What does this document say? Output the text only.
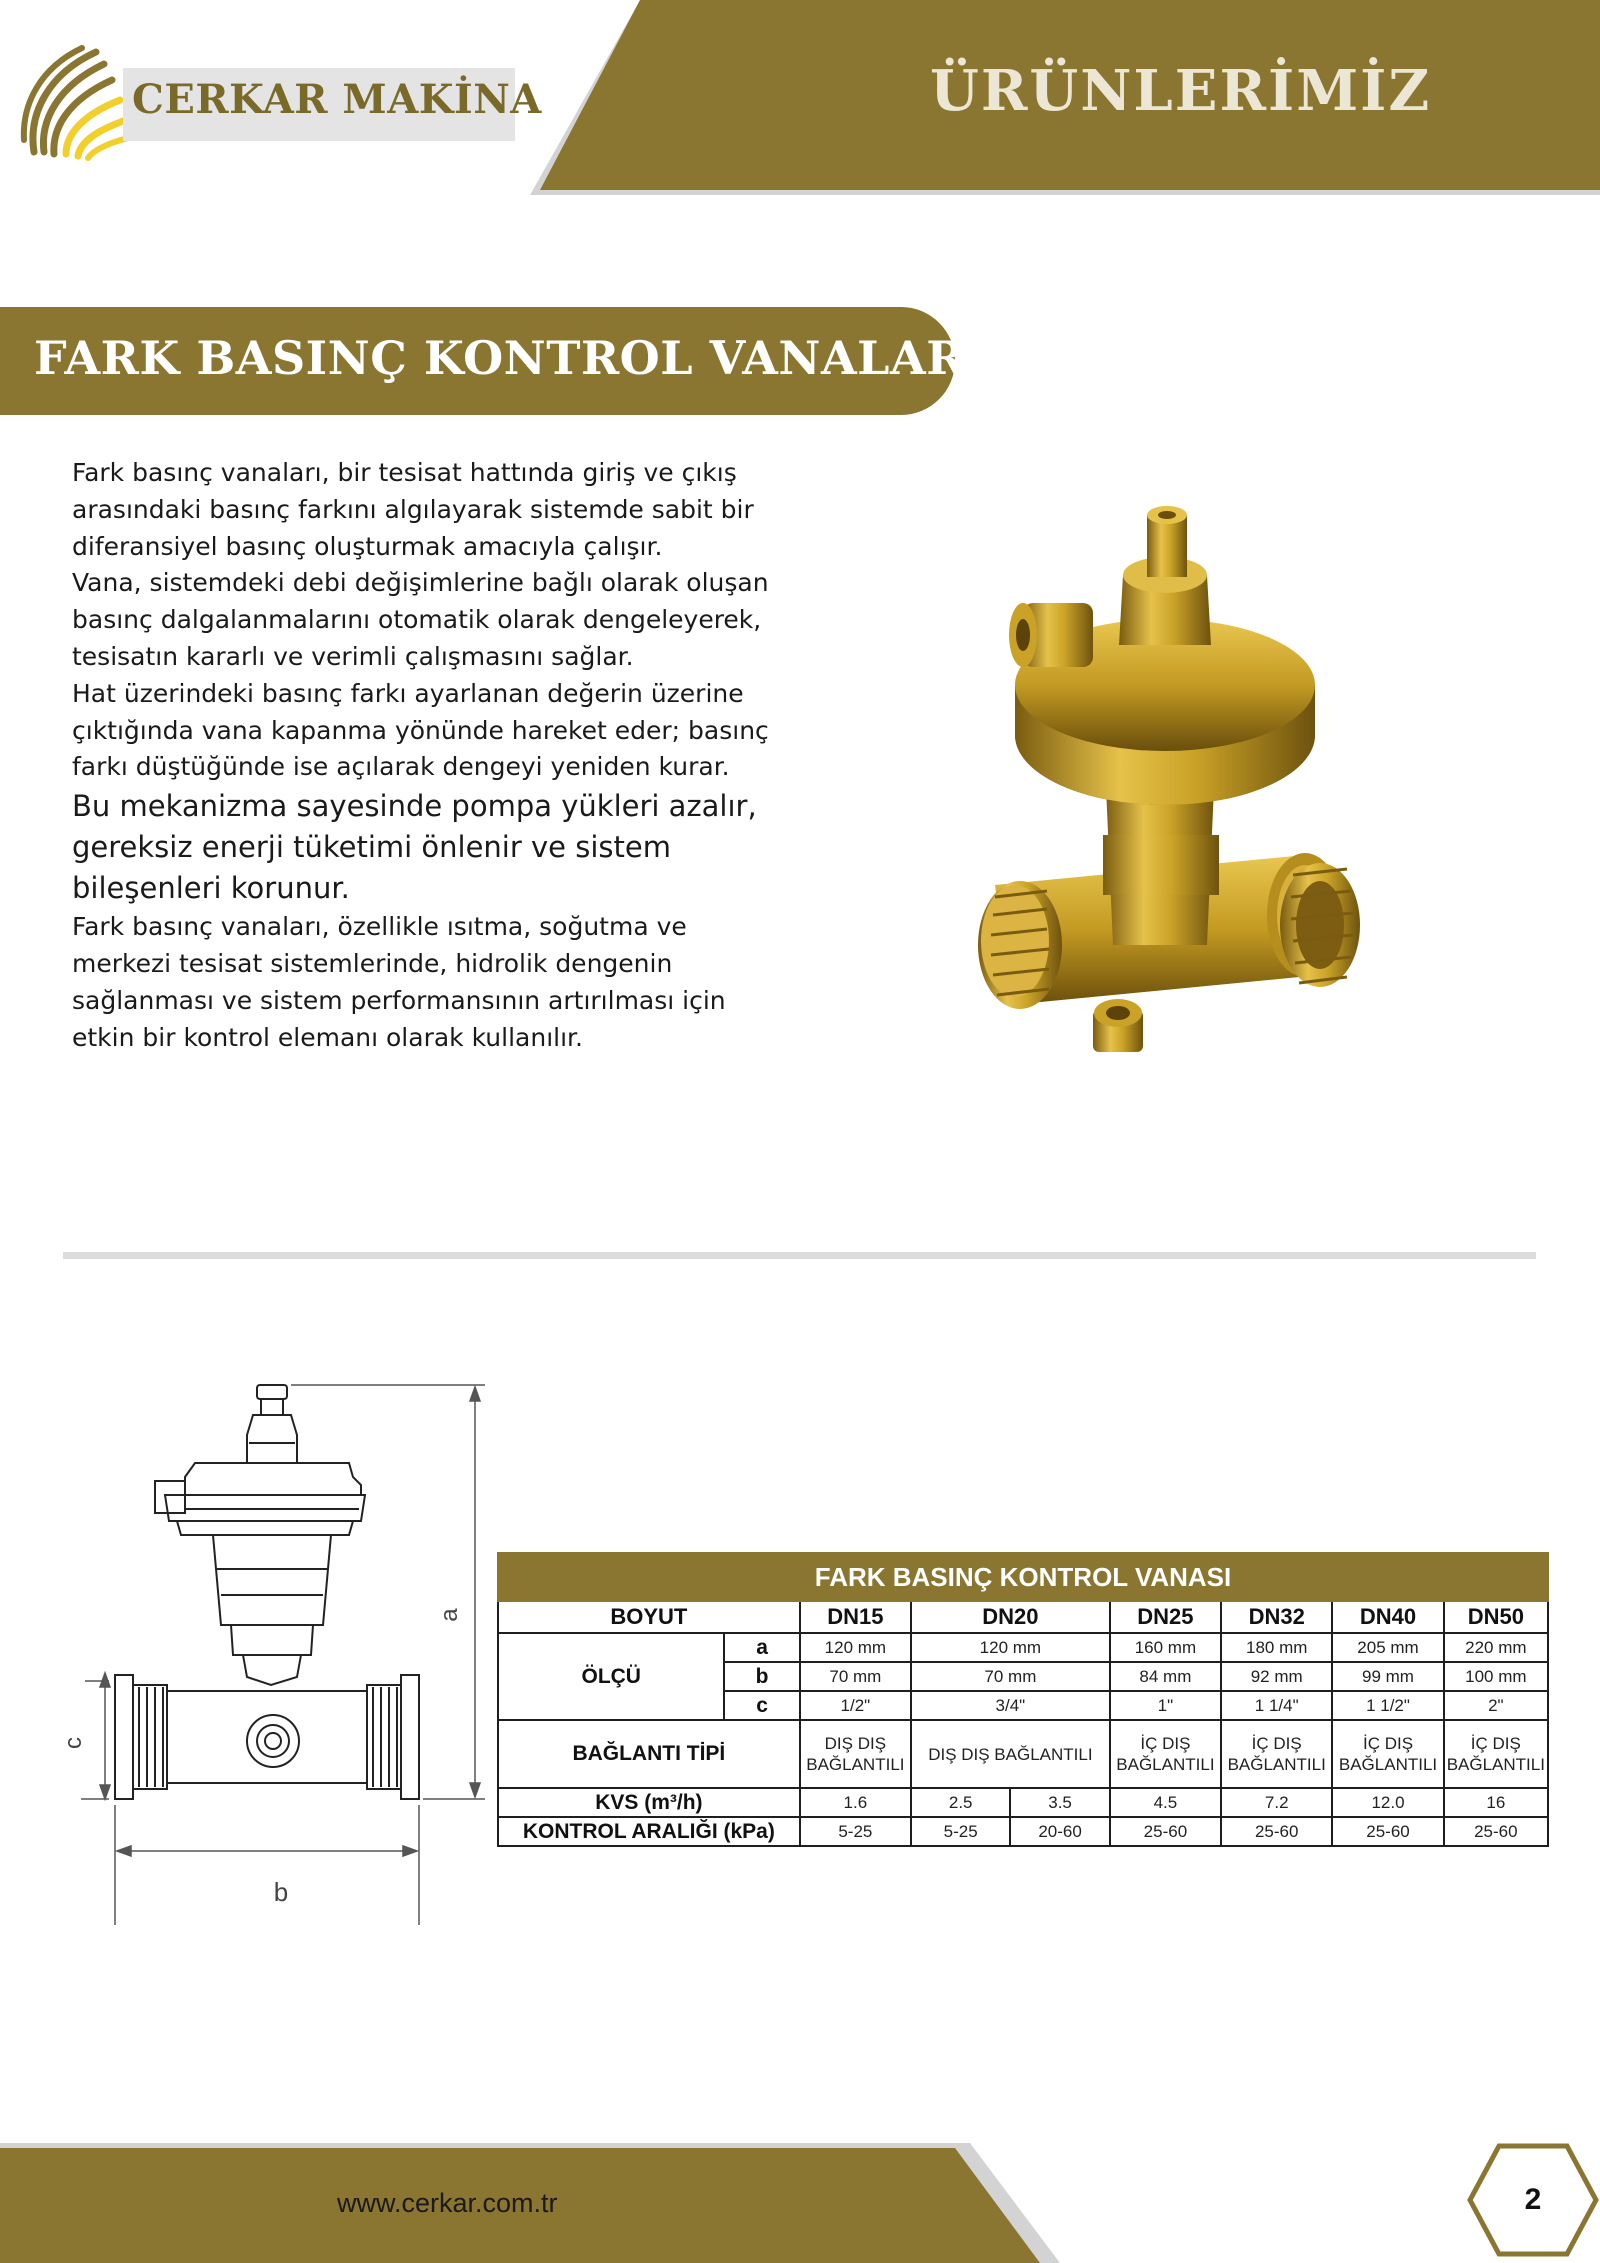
ÜRÜNLERİMİZ
CERKAR MAKİNA
FARK BASINÇ KONTROL VANALARI

Fark basınç vanaları, bir tesisat hattında giriş ve çıkış arasındaki basınç farkını algılayarak sistemde sabit bir diferansiyel basınç oluşturmak amacıyla çalışır.

Vana, sistemdeki debi değişimlerine bağlı olarak oluşan basınç dalgalanmalarını otomatik olarak dengeleyerek, tesisatın kararlı ve verimli çalışmasını sağlar.

Hat üzerindeki basınç farkı ayarlanan değerin üzerine çıktığında vana kapanma yönünde hareket eder; basınç farkı düştüğünde ise açılarak dengeyi yeniden kurar.

Bu mekanizma sayesinde pompa yükleri azalır, gereksiz enerji tüketimi önlenir ve sistem bileşenleri korunur.

Fark basınç vanaları, özellikle ısıtma, soğutma ve merkezi tesisat sistemlerinde, hidrolik dengenin sağlanması ve sistem performansının artırılması için etkin bir kontrol elemanı olarak kullanılır.

a
c
b
FARK BASINÇ KONTROL VANASI								
BOYUT		DN15	DN20		DN25	DN32	DN40	DN50
ÖLÇÜ	a	120 mm	120 mm		160 mm	180 mm	205 mm	220 mm
	b	70 mm	70 mm		84 mm	92 mm	99 mm	100 mm
	c	1/2"	3/4"		1"	1 1/4"	1 1/2"	2"
BAĞLANTI TİPİ		DIŞ DIŞ BAĞLANTILI	DIŞ DIŞ BAĞLANTILI		İÇ DIŞ BAĞLANTILI	İÇ DIŞ BAĞLANTILI	İÇ DIŞ BAĞLANTILI	İÇ DIŞ BAĞLANTILI
KVS (m³/h)		1.6	2.5	3.5	4.5	7.2	12.0	16
KONTROL ARALIĞI (kPa)		5-25	5-25	20-60	25-60	25-60	25-60	25-60
www.cerkar.com.tr	2
